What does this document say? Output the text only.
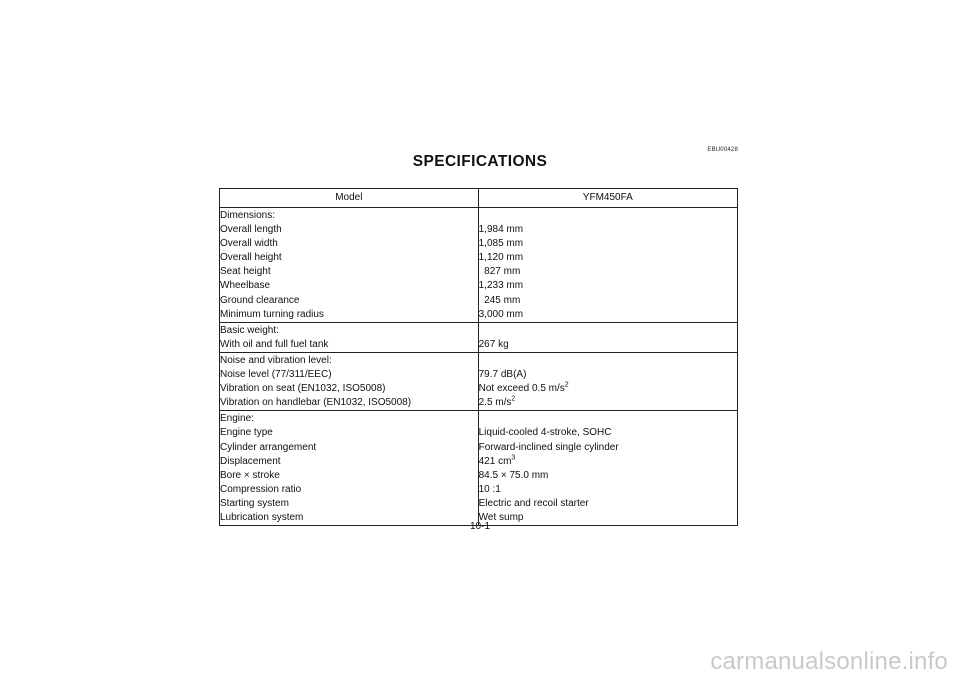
EBU00428
SPECIFICATIONS
Model	YFM450FA
Dimensions:	
Overall length	1,984 mm
Overall width	1,085 mm
Overall height	1,120 mm
Seat height	827 mm
Wheelbase	1,233 mm
Ground clearance	245 mm
Minimum turning radius	3,000 mm
Basic weight:	
With oil and full fuel tank	267 kg
Noise and vibration level:	
Noise level (77/311/EEC)	79.7 dB(A)
Vibration on seat (EN1032, ISO5008)	Not exceed 0.5 $m/s^2$
Vibration on handlebar (EN1032, ISO5008)	2.5 $m/s^2$
Engine:	
Engine type	Liquid-cooled 4-stroke, SOHC
Cylinder arrangement	Forward-inclined single cylinder
Displacement	421 $cm^3$
Bore × stroke	84.5 × 75.0 mm
Compression ratio	10 :1
Starting system	Electric and recoil starter
Lubrication system	Wet sump
10-1
carmanualsonline.info
